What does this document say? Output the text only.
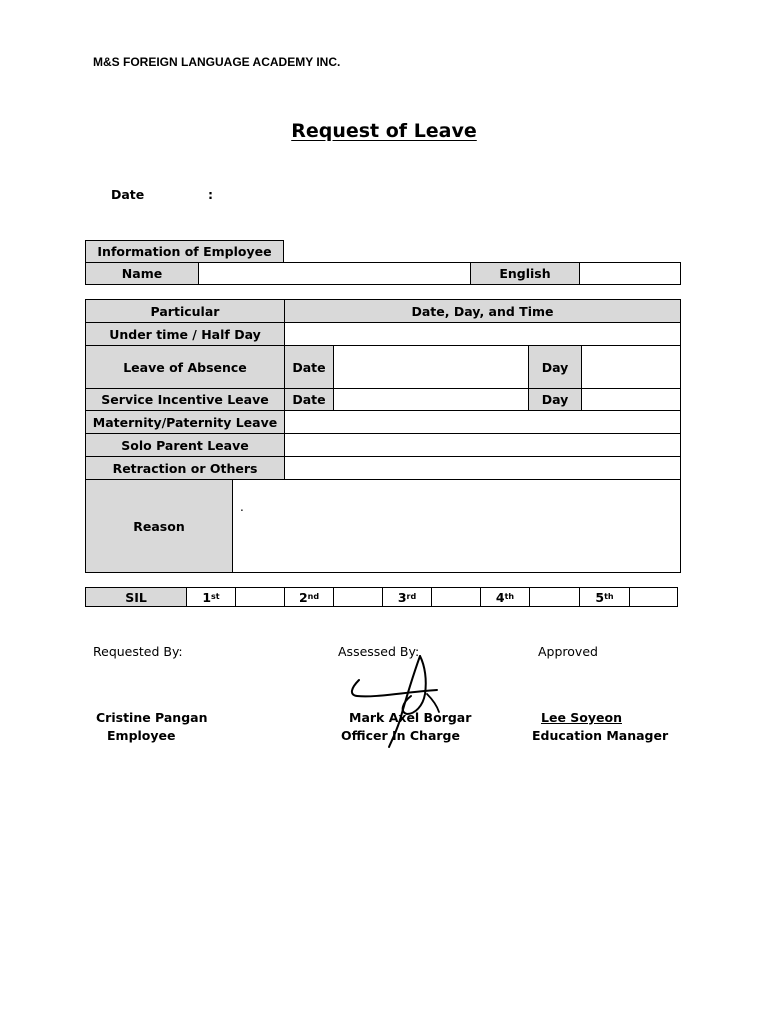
M&S FOREIGN LANGUAGE ACADEMY INC.
Request of Leave
Date	:
Information of Employee
Name	English
Particular	Date, Day, and Time
Under time / Half Day
Leave of Absence	Date	Day
Service Incentive Leave	Date	Day
Maternity/Paternity Leave
Solo Parent Leave
Retraction or Others
Reason
.
SIL	1 st	2 nd	3 rd	4 th	5 th
Requested By:	Assessed By:	Approved
Cristine Pangan
Employee
Mark Axel Borgar
Officer In Charge
Lee Soyeon
Education Manager
